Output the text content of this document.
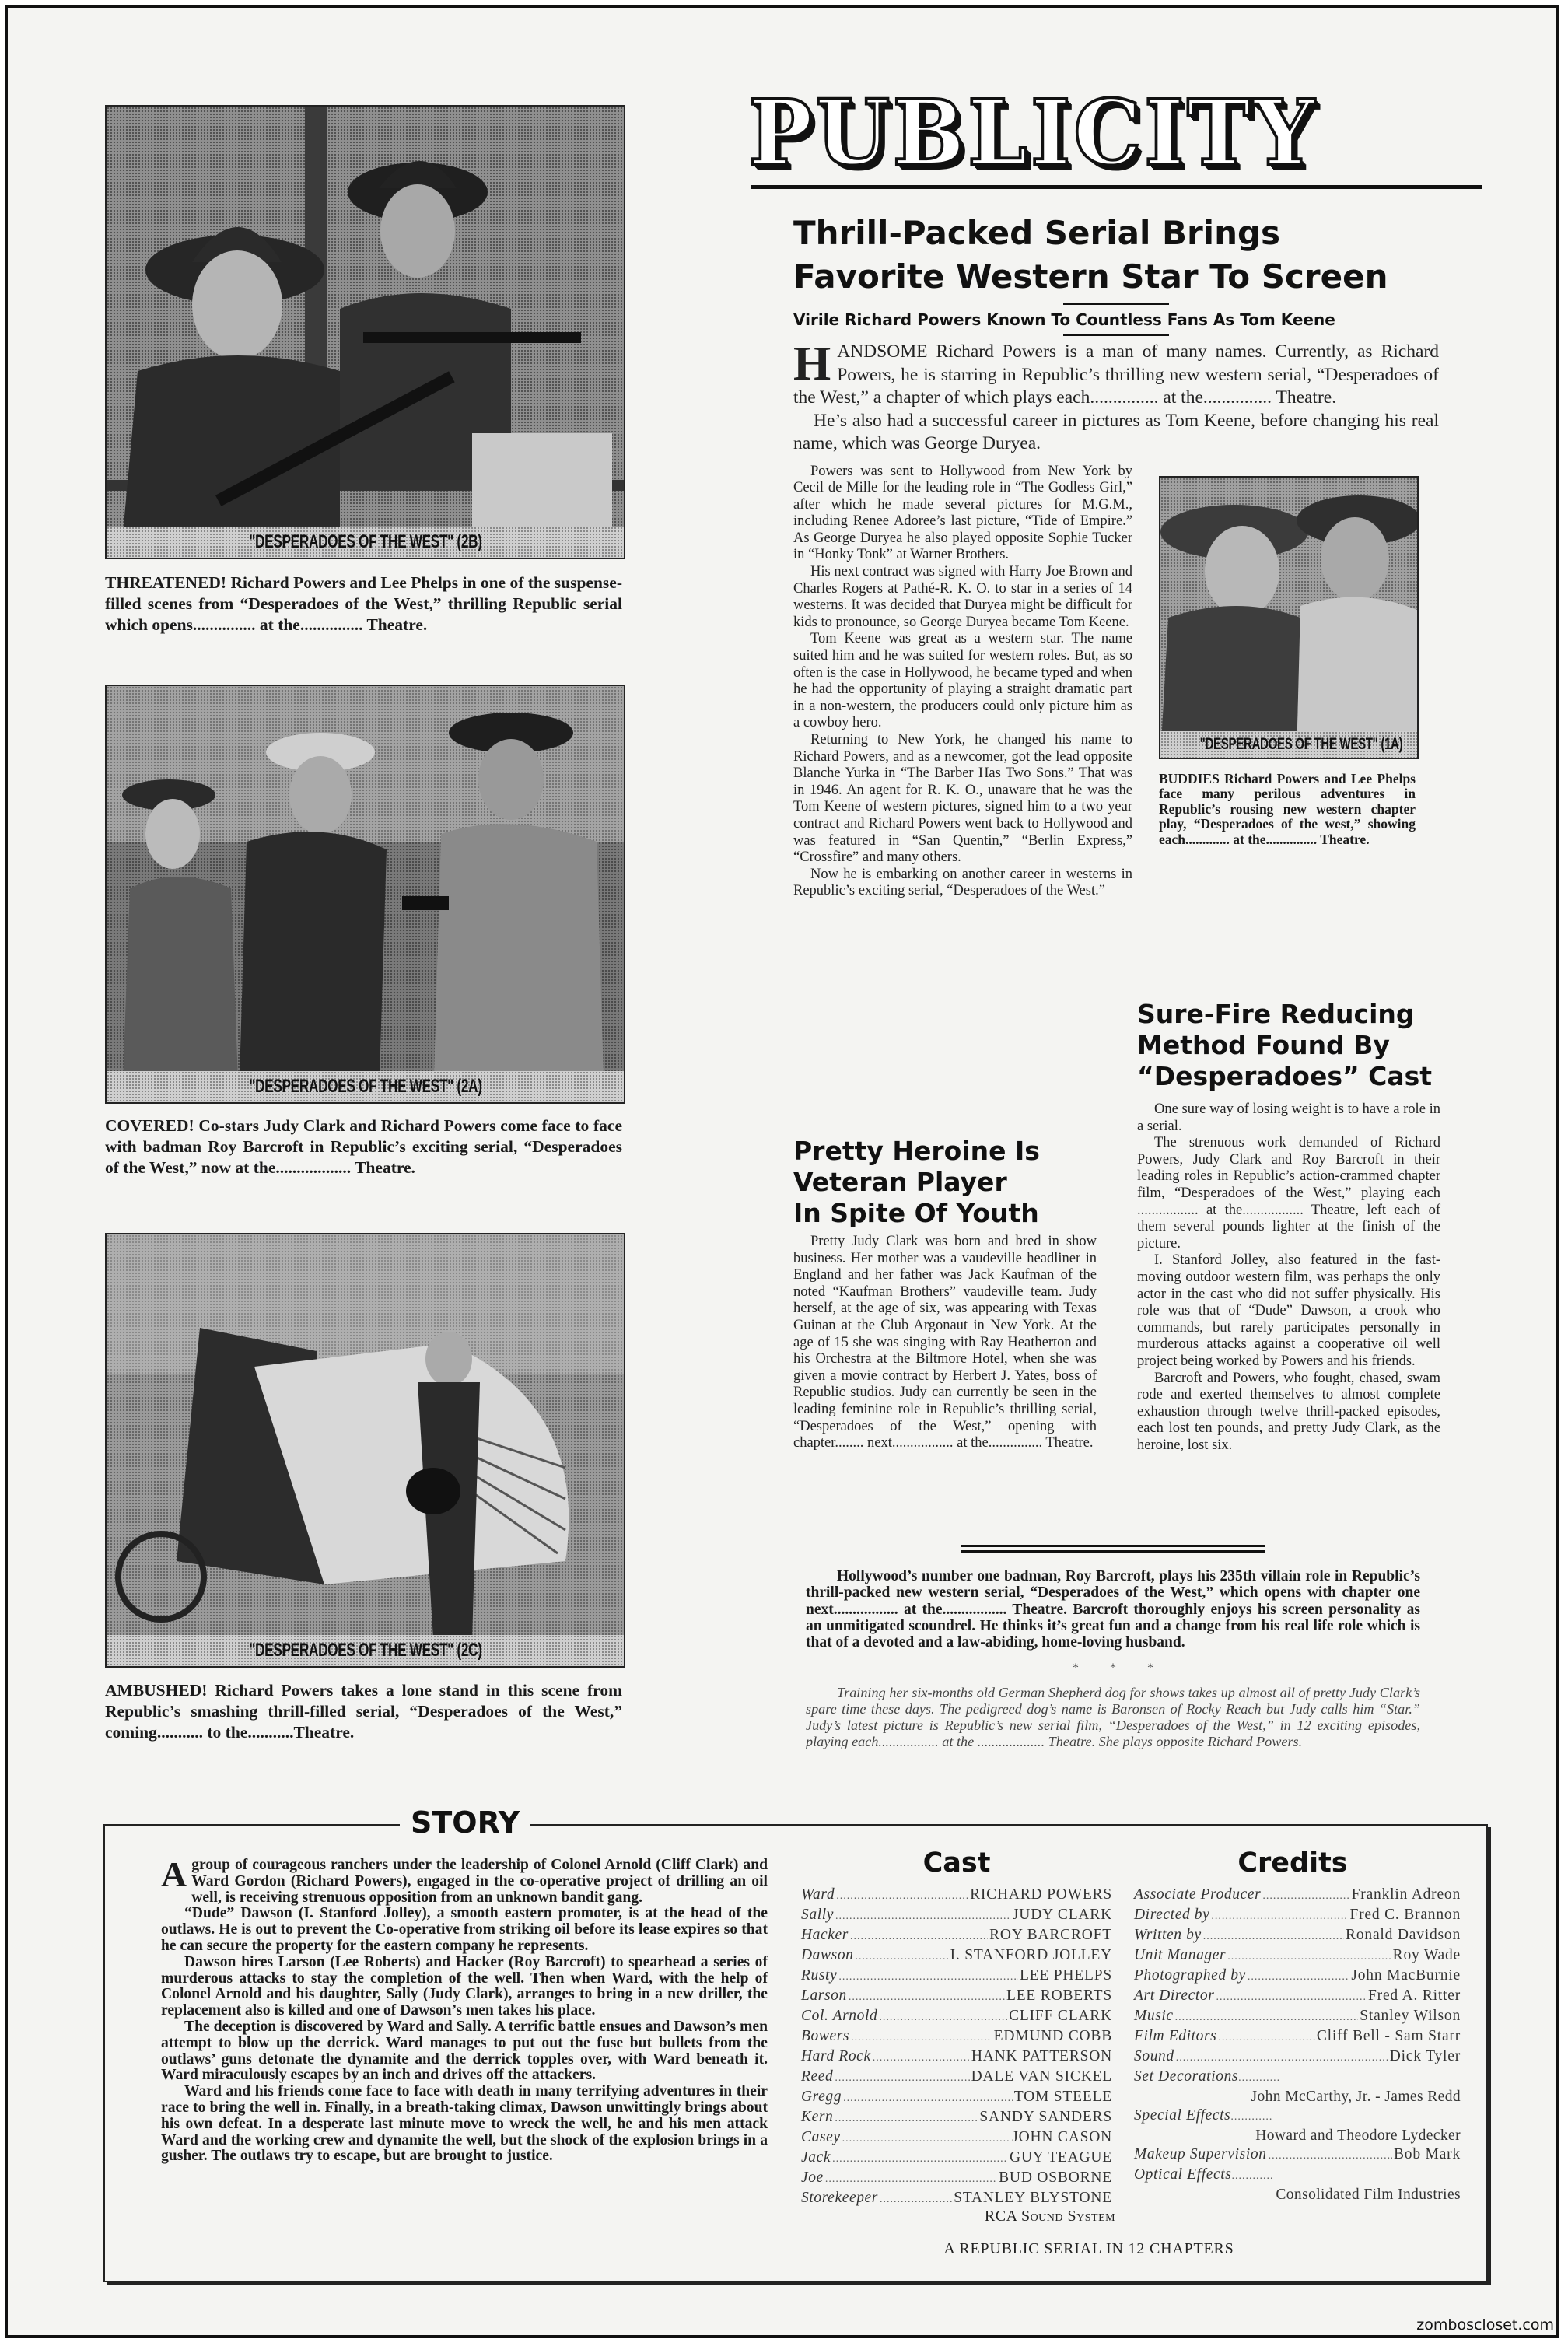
"DESPERADOES OF THE WEST" (2B)
THREATENED! Richard Powers and Lee Phelps in one of the suspense-filled scenes from “Desperadoes of the West,” thrilling Republic serial which opens............... at the............... Theatre.
"DESPERADOES OF THE WEST" (2A)
COVERED! Co-stars Judy Clark and Richard Powers come face to face with badman Roy Barcroft in Republic’s exciting serial, “Desperadoes of the West,” now at the.................. Theatre.
"DESPERADOES OF THE WEST" (2C)
AMBUSHED! Richard Powers takes a lone stand in this scene from Republic’s smashing thrill-filled serial, “Desperadoes of the West,” coming........... to the...........Theatre.
PUBLICITY
Thrill-Packed Serial Brings
Favorite Western Star To Screen
Virile Richard Powers Known To Countless Fans As Tom Keene

HANDSOME Richard Powers is a man of many names. Currently, as Richard Powers, he is starring in Republic’s thrilling new western serial, “Desperadoes of the West,” a chapter of which plays each............... at the............... Theatre.

He’s also had a successful career in pictures as Tom Keene, before changing his real name, which was George Duryea.

Powers was sent to Hollywood from New York by Cecil de Mille for the leading role in “The Godless Girl,” after which he made several pictures for M.G.M., including Renee Adoree’s last picture, “Tide of Empire.” As George Duryea he also played opposite Sophie Tucker in “Honky Tonk” at Warner Brothers.

His next contract was signed with Harry Joe Brown and Charles Rogers at Pathé-R. K. O. to star in a series of 14 westerns. It was decided that Duryea might be difficult for kids to pronounce, so George Duryea became Tom Keene.

Tom Keene was great as a western star. The name suited him and he was suited for western roles. But, as so often is the case in Hollywood, he became typed and when he had the opportunity of playing a straight dramatic part in a non-western, the producers could only picture him as a cowboy hero.

Returning to New York, he changed his name to Richard Powers, and as a newcomer, got the lead opposite Blanche Yurka in “The Barber Has Two Sons.” That was in 1946. An agent for R. K. O., unaware that he was the Tom Keene of western pictures, signed him to a two year contract and Richard Powers went back to Hollywood and was featured in “San Quentin,” “Berlin Express,” “Crossfire” and many others.

Now he is embarking on another career in westerns in Republic’s exciting serial, “Desperadoes of the West.”

"DESPERADOES OF THE WEST" (1A)
BUDDIES Richard Powers and Lee Phelps face many perilous adventures in Republic’s rousing new western chapter play, “Desperadoes of the west,” showing each............. at the............... Theatre.
Pretty Heroine Is
Veteran Player
In Spite Of Youth

Pretty Judy Clark was born and bred in show business. Her mother was a vaudeville headliner in England and her father was Jack Kaufman of the noted “Kaufman Brothers” vaudeville team. Judy herself, at the age of six, was appearing with Texas Guinan at the Club Argonaut in New York. At the age of 15 she was singing with Ray Heatherton and his Orchestra at the Biltmore Hotel, when she was given a movie contract by Herbert J. Yates, boss of Republic studios. Judy can currently be seen in the leading feminine role in Republic’s thrilling serial, “Desperadoes of the West,” opening with chapter........ next................. at the............... Theatre.

Sure-Fire Reducing
Method Found By
“Desperadoes” Cast

One sure way of losing weight is to have a role in a serial.

The strenuous work demanded of Richard Powers, Judy Clark and Roy Barcroft in their leading roles in Republic’s action-crammed chapter film, “Desperadoes of the West,” playing each ................. at the................. Theatre, left each of them several pounds lighter at the finish of the picture.

I. Stanford Jolley, also featured in the fast-moving outdoor western film, was perhaps the only actor in the cast who did not suffer physically. His role was that of “Dude” Dawson, a crook who commands, but rarely participates personally in murderous attacks against a cooperative oil well project being worked by Powers and his friends.

Barcroft and Powers, who fought, chased, swam rode and exerted themselves to almost complete exhaustion through twelve thrill-packed episodes, each lost ten pounds, and pretty Judy Clark, as the heroine, lost six.

Hollywood’s number one badman, Roy Barcroft, plays his 235th villain role in Republic’s thrill-packed new western serial, “Desperadoes of the West,” which opens with chapter one next................. at the................. Theatre. Barcroft thoroughly enjoys his screen personality as an unmitigated scoundrel. He thinks it’s great fun and a change from his real life role which is that of a devoted and a law-abiding, home-loving husband.

*          *          *

Training her six-months old German Shepherd dog for shows takes up almost all of pretty Judy Clark’s spare time these days. The pedigreed dog’s name is Baronsen of Rocky Reach but Judy calls him “Star.” Judy’s latest picture is Republic’s new serial film, “Desperadoes of the West,” in 12 exciting episodes, playing each................. at the ................... Theatre. She plays opposite Richard Powers.

STORY

Agroup of courageous ranchers under the leadership of Colonel Arnold (Cliff Clark) and Ward Gordon (Richard Powers), engaged in the co-operative project of drilling an oil well, is receiving strenuous opposition from an unknown bandit gang.

“Dude” Dawson (I. Stanford Jolley), a smooth eastern promoter, is at the head of the outlaws. He is out to prevent the Co-operative from striking oil before its lease expires so that he can secure the property for the eastern company he represents.

Dawson hires Larson (Lee Roberts) and Hacker (Roy Barcroft) to spearhead a series of murderous attacks to stay the completion of the well. Then when Ward, with the help of Colonel Arnold and his daughter, Sally (Judy Clark), arranges to bring in a new driller, the replacement also is killed and one of Dawson’s men takes his place.

The deception is discovered by Ward and Sally. A terrific battle ensues and Dawson’s men attempt to blow up the derrick. Ward manages to put out the fuse but bullets from the outlaws’ guns detonate the dynamite and the derrick topples over, with Ward beneath it. Ward miraculously escapes by an inch and drives off the attackers.

Ward and his friends come face to face with death in many terrifying adventures in their race to bring the well in. Finally, in a breath-taking climax, Dawson unwittingly brings about his own defeat. In a desperate last minute move to wreck the well, he and his men attack Ward and the working crew and dynamite the well, but the shock of the explosion brings in a gusher. The outlaws try to escape, but are brought to justice.

Cast
Ward .....	RICHARD POWERS
Sally .....	JUDY CLARK
Hacker .....	ROY BARCROFT
Dawson .....	I. STANFORD JOLLEY
Rusty .....	LEE PHELPS
Larson .....	LEE ROBERTS
Col. Arnold .....	CLIFF CLARK
Bowers .....	EDMUND COBB
Hard Rock .....	HANK PATTERSON
Reed .....	DALE VAN SICKEL
Gregg .....	TOM STEELE
Kern .....	SANDY SANDERS
Casey .....	JOHN CASON
Jack .....	GUY TEAGUE
Joe .....	BUD OSBORNE
Storekeeper .....	STANLEY BLYSTONE
Credits
Associate Producer .....	Franklin Adreon
Directed by .....	Fred C. Brannon
Written by .....	Ronald Davidson
Unit Manager .....	Roy Wade
Photographed by .....	John MacBurnie
Art Director .....	Fred A. Ritter
Music .....	Stanley Wilson
Film Editors .....	Cliff Bell - Sam Starr
Sound .....	Dick Tyler
Set Decorations ............
John McCarthy, Jr. - James Redd
Special Effects ............
Howard and Theodore Lydecker
Makeup Supervision .....	Bob Mark
Optical Effects ............
Consolidated Film Industries
RCA Sound System
A REPUBLIC SERIAL IN 12 CHAPTERS
zomboscloset.com
